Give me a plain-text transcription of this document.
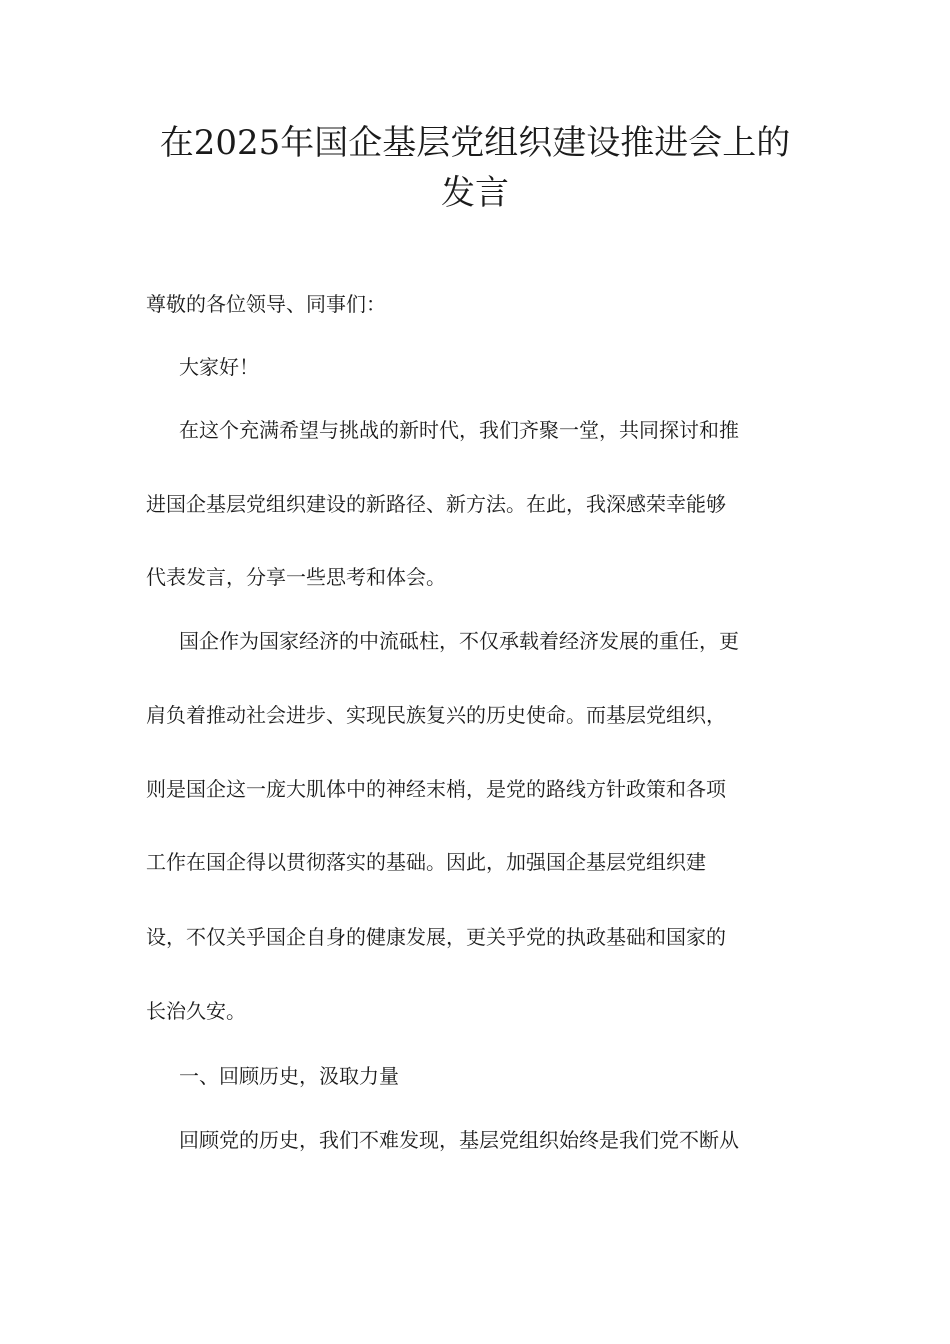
在2025年国企基层党组织建设推进会上的
发言

尊敬的各位领导、同事们：

大家好！

在这个充满希望与挑战的新时代，我们齐聚一堂，共同探讨和推

进国企基层党组织建设的新路径、新方法。在此，我深感荣幸能够

代表发言，分享一些思考和体会。

国企作为国家经济的中流砥柱，不仅承载着经济发展的重任，更

肩负着推动社会进步、实现民族复兴的历史使命。而基层党组织，

则是国企这一庞大肌体中的神经末梢，是党的路线方针政策和各项

工作在国企得以贯彻落实的基础。因此，加强国企基层党组织建

设，不仅关乎国企自身的健康发展，更关乎党的执政基础和国家的

长治久安。

一、回顾历史，汲取力量

回顾党的历史，我们不难发现，基层党组织始终是我们党不断从
